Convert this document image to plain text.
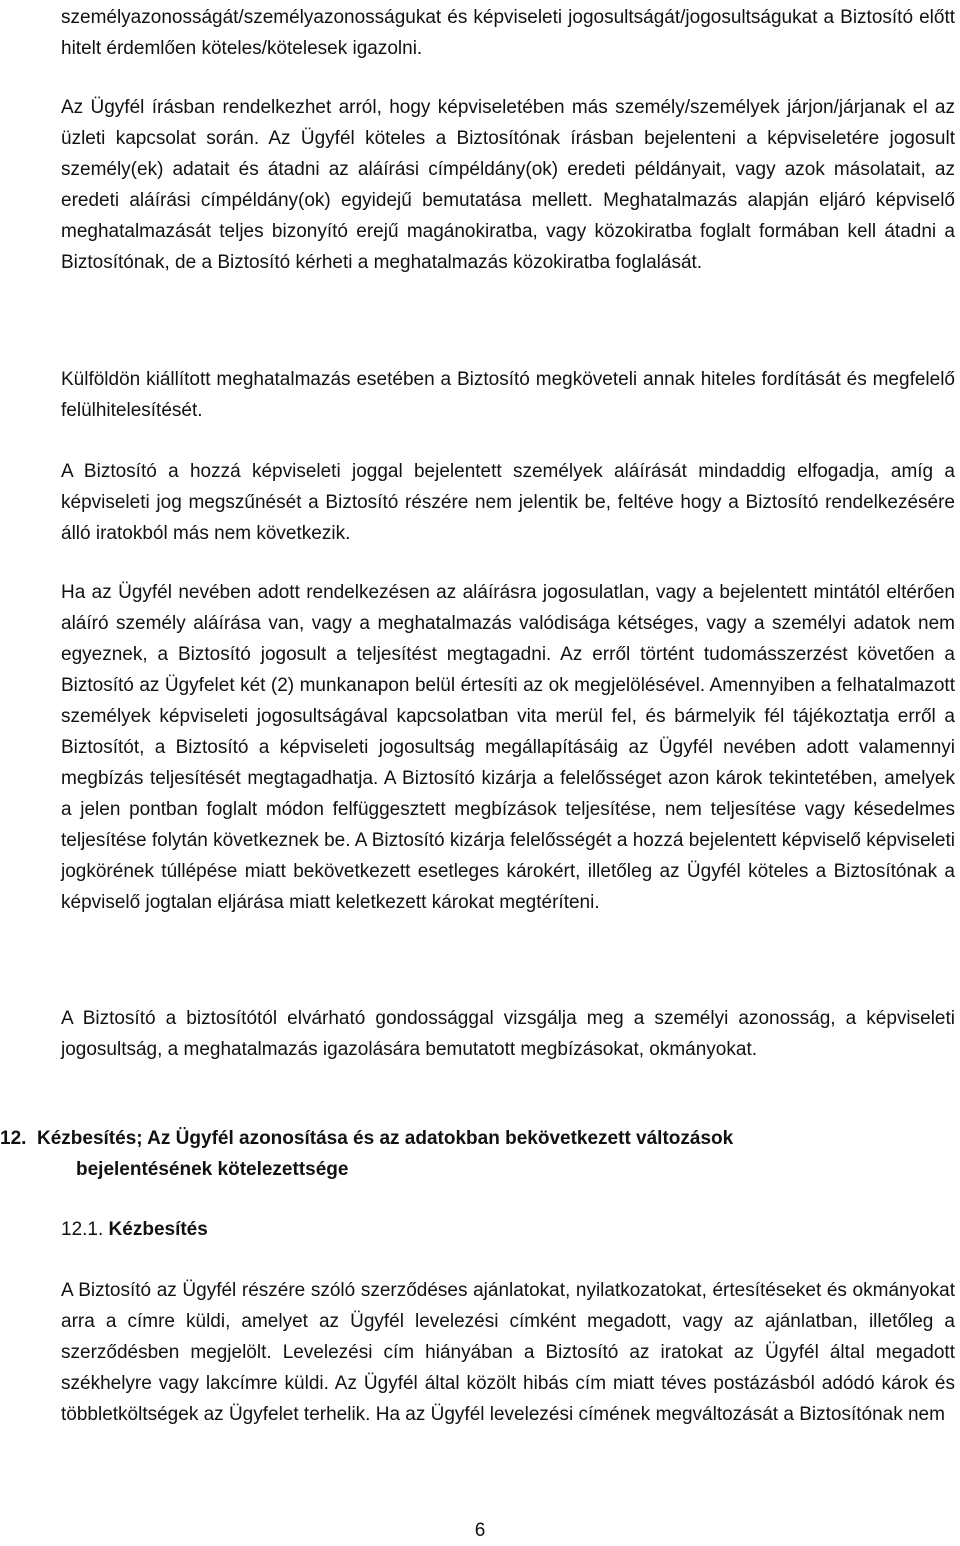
személyazonosságát/személyazonosságukat és képviseleti jogosultságát/jogosultságukat a Biztosító előtt hitelt érdemlően köteles/kötelesek igazolni.

Az Ügyfél írásban rendelkezhet arról, hogy képviseletében más személy/személyek járjon/járjanak el az üzleti kapcsolat során. Az Ügyfél köteles a Biztosítónak írásban bejelenteni a képviseletére jogosult személy(ek) adatait és átadni az aláírási címpéldány(ok) eredeti példányait, vagy azok másolatait, az eredeti aláírási címpéldány(ok) egyidejű bemutatása mellett. Meghatalmazás alapján eljáró képviselő meghatalmazását teljes bizonyító erejű magánokiratba, vagy közokiratba foglalt formában kell átadni a Biztosítónak, de a Biztosító kérheti a meghatalmazás közokiratba foglalását.

Külföldön kiállított meghatalmazás esetében a Biztosító megköveteli annak hiteles fordítását és megfelelő felülhitelesítését.

A Biztosító a hozzá képviseleti joggal bejelentett személyek aláírását mindaddig elfogadja, amíg a képviseleti jog megszűnését a Biztosító részére nem jelentik be, feltéve hogy a Biztosító rendelkezésére álló iratokból más nem következik.

Ha az Ügyfél nevében adott rendelkezésen az aláírásra jogosulatlan, vagy a bejelentett mintától eltérően aláíró személy aláírása van, vagy a meghatalmazás valódisága kétséges, vagy a személyi adatok nem egyeznek, a Biztosító jogosult a teljesítést megtagadni. Az erről történt tudomásszerzést követően a Biztosító az Ügyfelet két (2) munkanapon belül értesíti az ok megjelölésével. Amennyiben a felhatalmazott személyek képviseleti jogosultságával kapcsolatban vita merül fel, és bármelyik fél tájékoztatja erről a Biztosítót, a Biztosító a képviseleti jogosultság megállapításáig az Ügyfél nevében adott valamennyi megbízás teljesítését megtagadhatja. A Biztosító kizárja a felelősséget azon károk tekintetében, amelyek a jelen pontban foglalt módon felfüggesztett megbízások teljesítése, nem teljesítése vagy késedelmes teljesítése folytán következnek be. A Biztosító kizárja felelősségét a hozzá bejelentett képviselő képviseleti jogkörének túllépése miatt bekövetkezett esetleges károkért, illetőleg az Ügyfél köteles a Biztosítónak a képviselő jogtalan eljárása miatt keletkezett károkat megtéríteni.

A Biztosító a biztosítótól elvárható gondossággal vizsgálja meg a személyi azonosság, a képviseleti jogosultság, a meghatalmazás igazolására bemutatott megbízásokat, okmányokat.

12. Kézbesítés; Az Ügyfél azonosítása és az adatokban bekövetkezett változások
bejelentésének kötelezettsége
12.1. Kézbesítés

A Biztosító az Ügyfél részére szóló szerződéses ajánlatokat, nyilatkozatokat, értesítéseket és okmányokat arra a címre küldi, amelyet az Ügyfél levelezési címként megadott, vagy az ajánlatban, illetőleg a szerződésben megjelölt. Levelezési cím hiányában a Biztosító az iratokat az Ügyfél által megadott székhelyre vagy lakcímre küldi. Az Ügyfél által közölt hibás cím miatt téves postázásból adódó károk és többletköltségek az Ügyfelet terhelik. Ha az Ügyfél levelezési címének megváltozását a Biztosítónak nem

6
